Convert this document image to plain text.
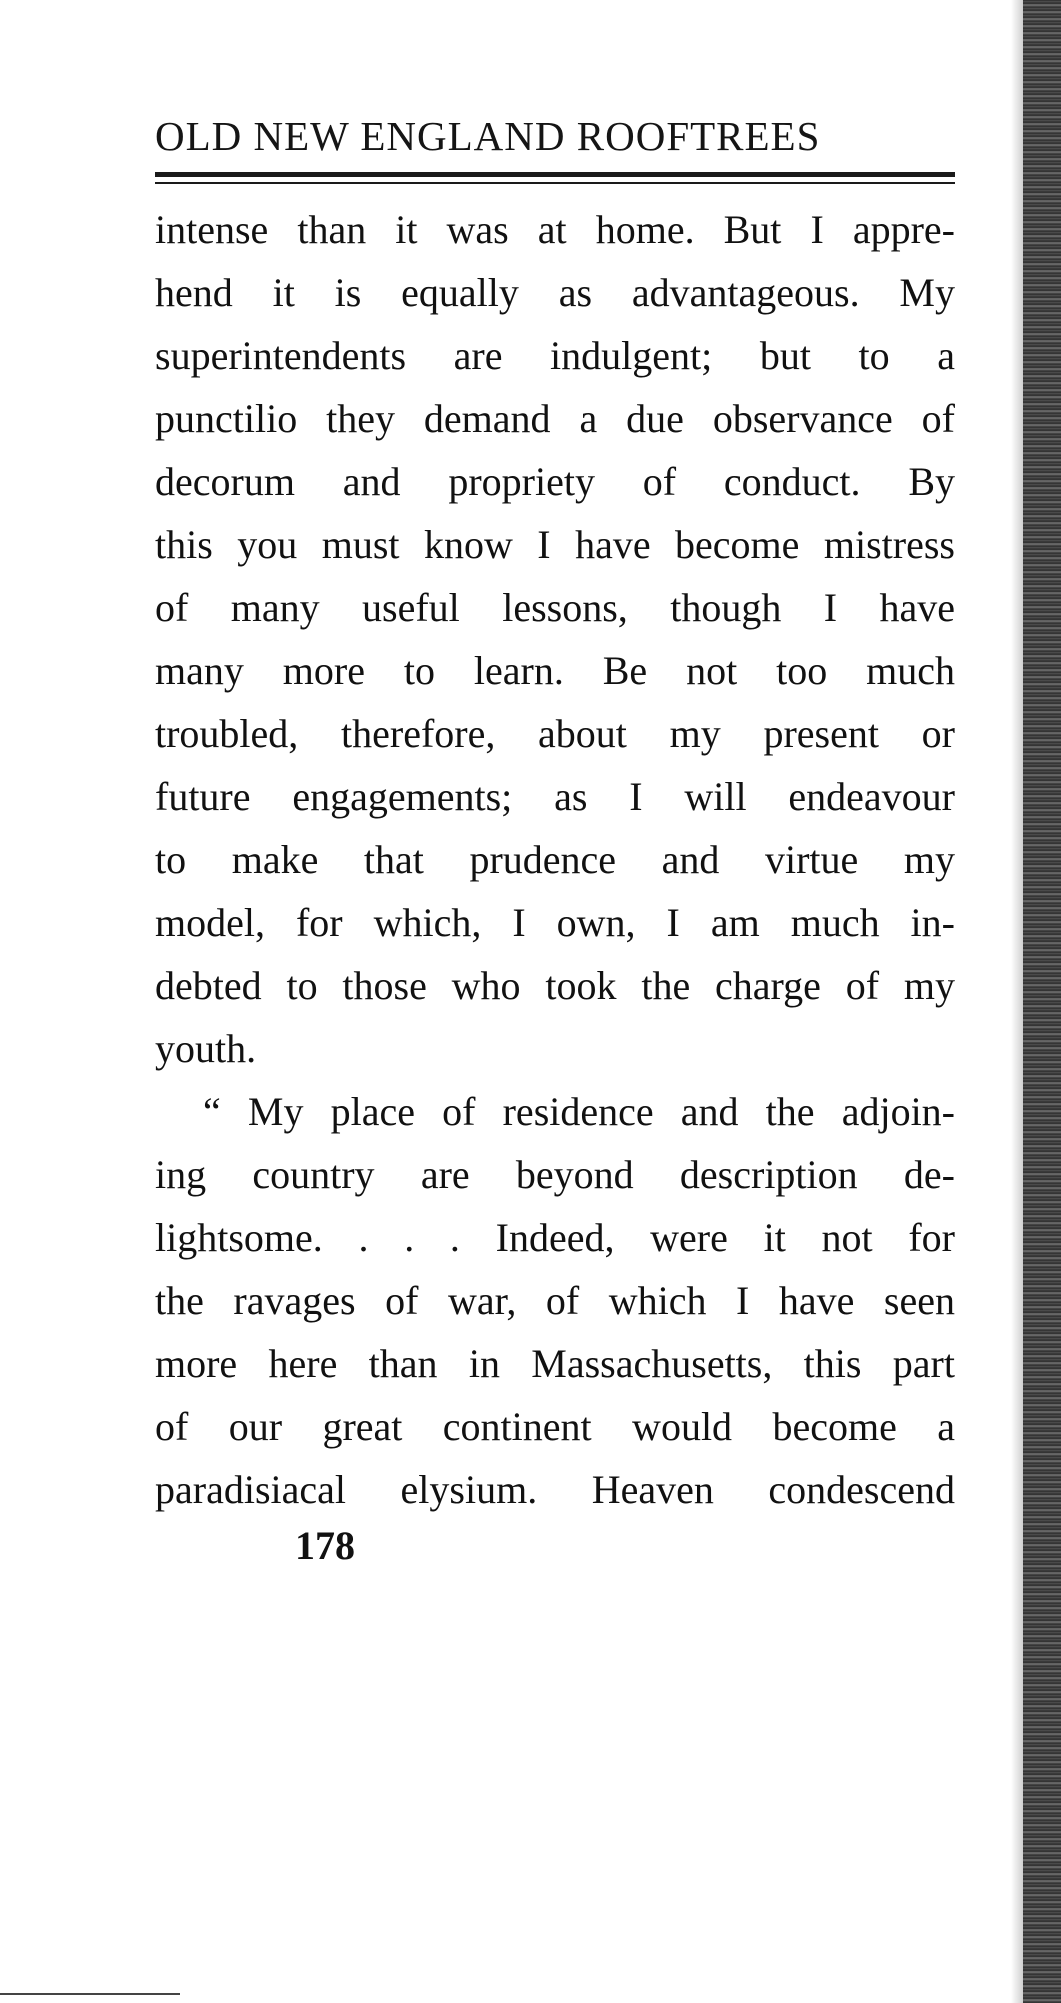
OLD NEW ENGLAND ROOFTREES
intense than it was at home. But I appre-
hend it is equally as advantageous. My
superintendents are indulgent; but to a
punctilio they demand a due observance of
decorum and propriety of conduct. By
this you must know I have become mistress
of many useful lessons, though I have
many more to learn. Be not too much
troubled, therefore, about my present or
future engagements; as I will endeavour
to make that prudence and virtue my
model, for which, I own, I am much in-
debted to those who took the charge of my
youth.
“ My place of residence and the adjoin-
ing country are beyond description de-
lightsome. . . . Indeed, were it not for
the ravages of war, of which I have seen
more here than in Massachusetts, this part
of our great continent would become a
paradisiacal elysium. Heaven condescend
178
